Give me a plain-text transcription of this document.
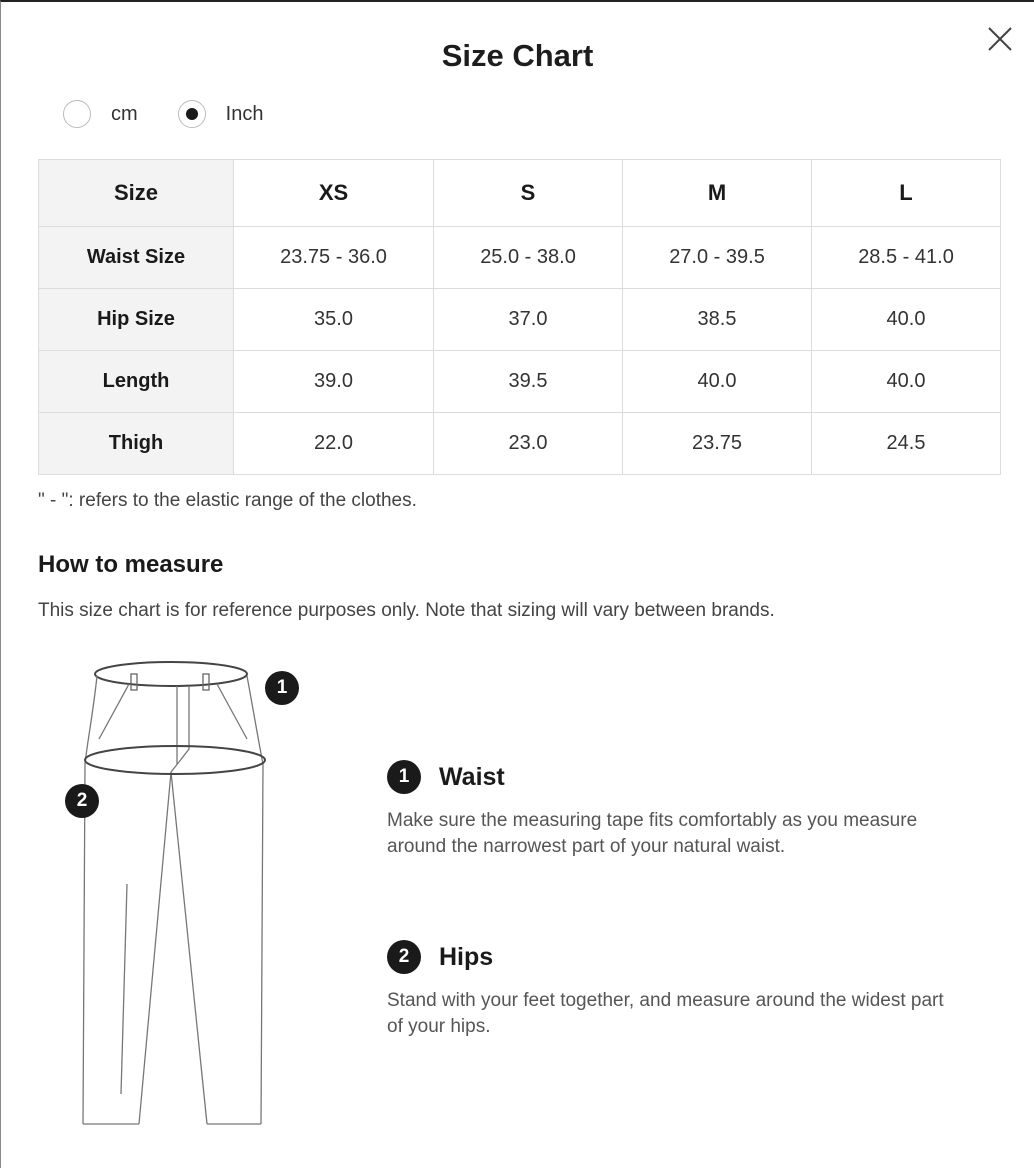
Size Chart
cm	Inch
Size	XS	S	M	L
Waist Size	23.75 - 36.0	25.0 - 38.0	27.0 - 39.5	28.5 - 41.0
Hip Size	35.0	37.0	38.5	40.0
Length	39.0	39.5	40.0	40.0
Thigh	22.0	23.0	23.75	24.5
" - ": refers to the elastic range of the clothes.
How to measure
This size chart is for reference purposes only. Note that sizing will vary between brands.
1
2
1	Waist
Make sure the measuring tape fits comfortably as you measure around the narrowest part of your natural waist.
2	Hips
Stand with your feet together, and measure around the widest part of your hips.
